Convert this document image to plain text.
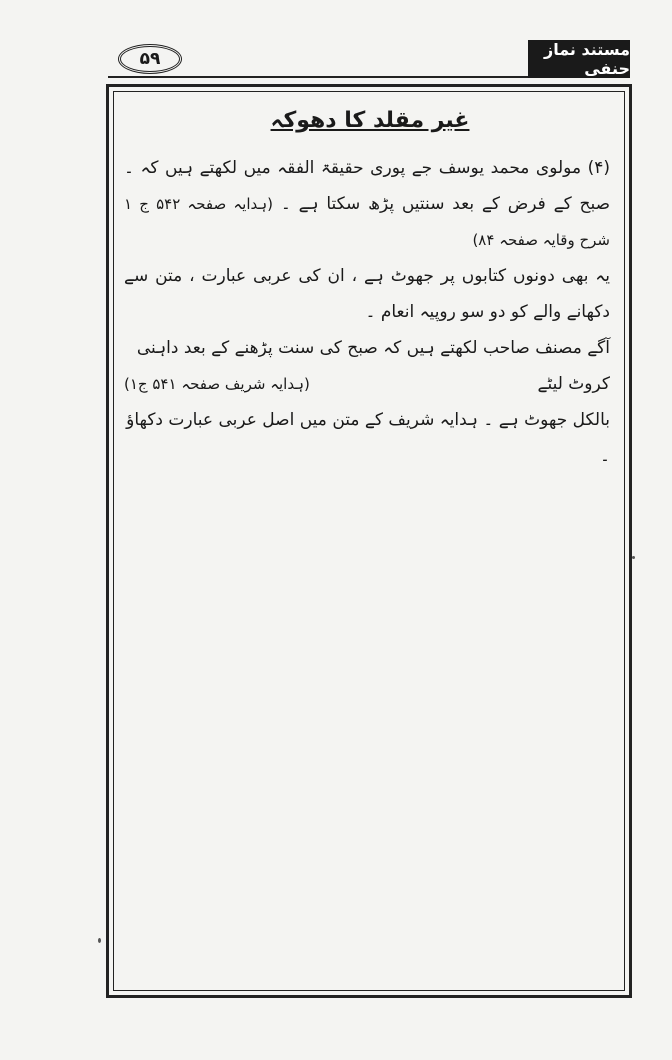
۵۹	مستند نماز حنفی
غیر مقلد کا دھوکہ

(۴) مولوی محمد یوسف جے پوری حقیقۃ الفقہ میں لکھتے ہیں کہ ۔ صبح کے فرض کے بعد سنتیں پڑھ سکتا ہے ۔ (ہدایہ صفحہ ۵۴۲ ج ۱ شرح وقایہ صفحہ ۸۴)

یہ بھی دونوں کتابوں پر جھوٹ ہے ، ان کی عربی عبارت ، متن سے دکھانے والے کو دو سو روپیہ انعام ۔

آگے مصنف صاحب لکھتے ہیں کہ صبح کی سنت پڑھنے کے بعد داہنی

کروٹ لیٹے
(ہدایہ شریف صفحہ ۵۴۱ ج۱)

بالکل جھوٹ ہے ۔ ہدایہ شریف کے متن میں اصل عربی عبارت دکھاؤ ۔
